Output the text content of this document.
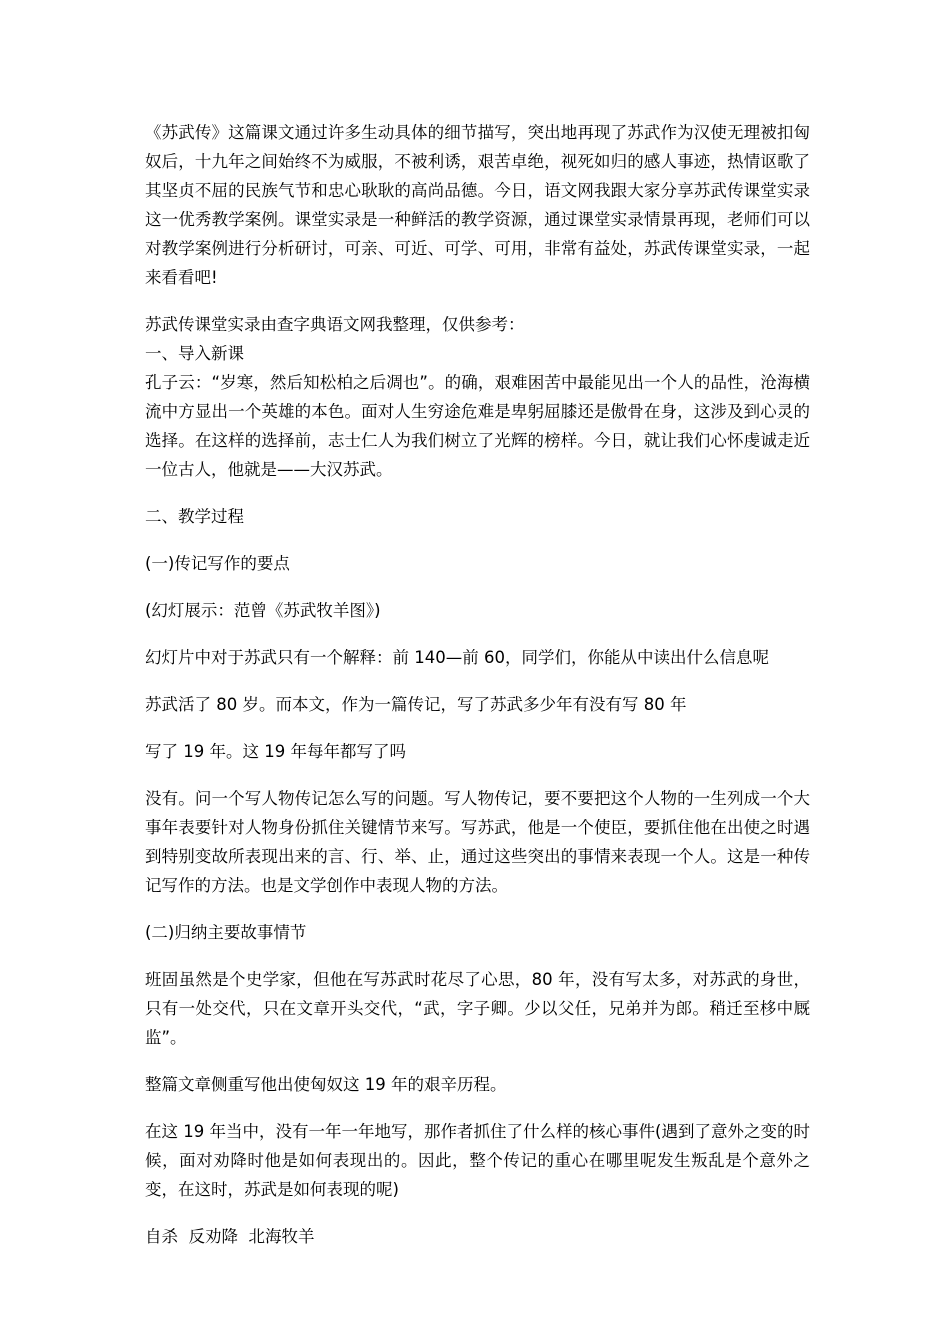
《苏武传》这篇课文通过许多生动具体的细节描写，突出地再现了苏武作为汉使无理被扣匈奴后，十九年之间始终不为威服，不被利诱，艰苦卓绝，视死如归的感人事迹，热情讴歌了其坚贞不屈的民族气节和忠心耿耿的高尚品德。今日，语文网我跟大家分享苏武传课堂实录这一优秀教学案例。课堂实录是一种鲜活的教学资源，通过课堂实录情景再现，老师们可以对教学案例进行分析研讨，可亲、可近、可学、可用，非常有益处，苏武传课堂实录，一起来看看吧!

苏武传课堂实录由查字典语文网我整理，仅供参考：

一、导入新课

孔子云：“岁寒，然后知松柏之后凋也”。的确，艰难困苦中最能见出一个人的品性，沧海横流中方显出一个英雄的本色。面对人生穷途危难是卑躬屈膝还是傲骨在身，这涉及到心灵的选择。在这样的选择前，志士仁人为我们树立了光辉的榜样。今日，就让我们心怀虔诚走近一位古人，他就是——大汉苏武。

二、教学过程

(一)传记写作的要点

(幻灯展示：范曾《苏武牧羊图》)

幻灯片中对于苏武只有一个解释：前 140—前 60，同学们，你能从中读出什么信息呢

苏武活了 80 岁。而本文，作为一篇传记，写了苏武多少年有没有写 80 年

写了 19 年。这 19 年每年都写了吗

没有。问一个写人物传记怎么写的问题。写人物传记，要不要把这个人物的一生列成一个大事年表要针对人物身份抓住关键情节来写。写苏武，他是一个使臣，要抓住他在出使之时遇到特别变故所表现出来的言、行、举、止，通过这些突出的事情来表现一个人。这是一种传记写作的方法。也是文学创作中表现人物的方法。

(二)归纳主要故事情节

班固虽然是个史学家，但他在写苏武时花尽了心思，80 年，没有写太多，对苏武的身世，只有一处交代，只在文章开头交代，“武，字子卿。少以父任，兄弟并为郎。稍迁至栘中厩监”。

整篇文章侧重写他出使匈奴这 19 年的艰辛历程。

在这 19 年当中，没有一年一年地写，那作者抓住了什么样的核心事件(遇到了意外之变的时候，面对劝降时他是如何表现出的。因此，整个传记的重心在哪里呢发生叛乱是个意外之变，在这时，苏武是如何表现的呢)

自杀  反劝降  北海牧羊
